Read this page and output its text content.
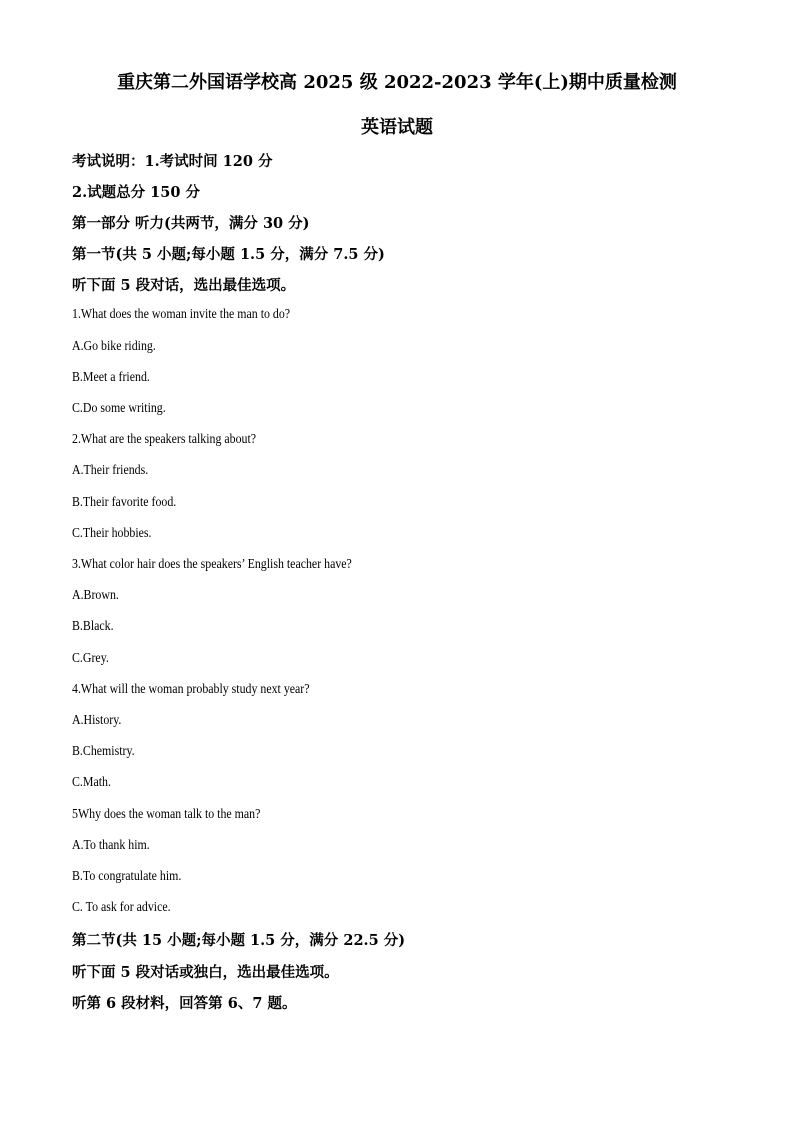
重庆第二外国语学校高 2025 级 2022-2023 学年(上)期中质量检测
英语试题
考试说明：1.考试时间 120 分
2.试题总分 150 分
第一部分 听力(共两节，满分 30 分)
第一节(共 5 小题;每小题 1.5 分，满分 7.5 分)
听下面 5 段对话，选出最佳选项。
1.What does the woman invite the man to do?
A.Go bike riding.
B.Meet a friend.
C.Do some writing.
2.What are the speakers talking about?
A.Their friends.
B.Their favorite food.
C.Their hobbies.
3.What color hair does the speakers’ English teacher have?
A.Brown.
B.Black.
C.Grey.
4.What will the woman probably study next year?
A.History.
B.Chemistry.
C.Math.
5Why does the woman talk to the man?
A.To thank him.
B.To congratulate him.
C. To ask for advice.
第二节(共 15 小题;每小题 1.5 分，满分 22.5 分)
听下面 5 段对话或独白，选出最佳选项。
听第 6 段材料，回答第 6、7 题。
